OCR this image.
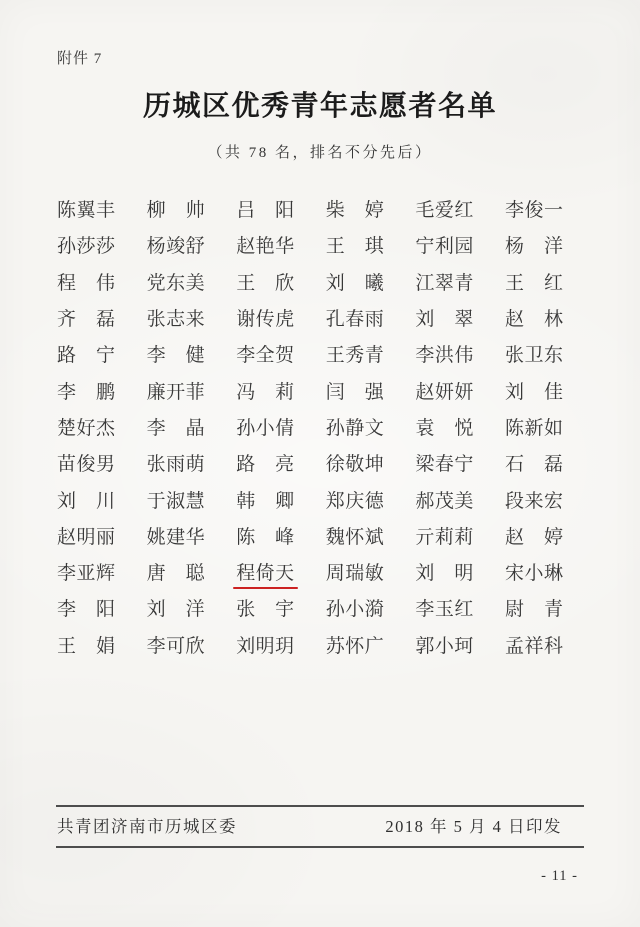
附件 7
历城区优秀青年志愿者名单
（共 78 名，排名不分先后）
陈翼丰 柳　帅 吕　阳 柴　婷 毛爱红 李俊一
孙莎莎 杨竣舒 赵艳华 王　琪 宁利园 杨　洋
程　伟 党东美 王　欣 刘　曦 江翠青 王　红
齐　磊 张志来 谢传虎 孔春雨 刘　翠 赵　林
路　宁 李　健 李全贺 王秀青 李洪伟 张卫东
李　鹏 廉开菲 冯　莉 闫　强 赵妍妍 刘　佳
楚好杰 李　晶 孙小倩 孙静文 袁　悦 陈新如
苗俊男 张雨萌 路　亮 徐敬坤 梁春宁 石　磊
刘　川 于淑慧 韩　卿 郑庆德 郝茂美 段来宏
赵明丽 姚建华 陈　峰 魏怀斌 亓莉莉 赵　婷
李亚辉 唐　聪 程倚天 周瑞敏 刘　明 宋小琳
李　阳 刘　洋 张　宇 孙小漪 李玉红 尉　青
王　娟 李可欣 刘明玥 苏怀广 郭小珂 孟祥科
共青团济南市历城区委	2018 年 5 月 4 日印发
- 11 -
